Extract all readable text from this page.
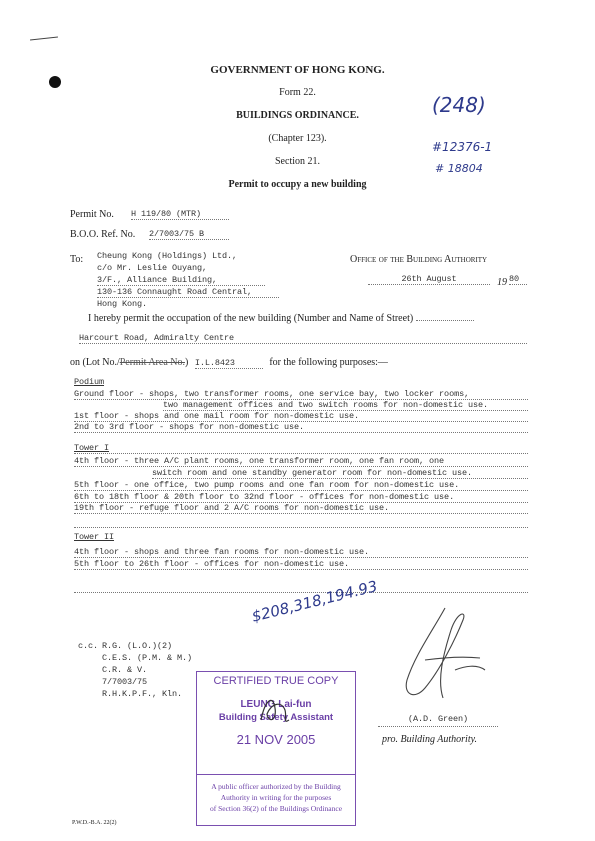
GOVERNMENT OF HONG KONG.
Form 22.
BUILDINGS ORDINANCE.
(Chapter 123).
Section 21.
Permit to occupy a new building
(248)
#12376-1
# 18804
Permit No. H 119/80 (MTR)
B.O.O. Ref. No. 2/7003/75 B
To: Cheung Kong (Holdings) Ltd.,
c/o Mr. Leslie Ouyang,
3/F., Alliance Building,
130-136 Connaught Road Central,
Hong Kong.
Office of the Building Authority
26th August	19 80
I hereby permit the occupation of the new building (Number and Name of Street)
Harcourt Road, Admiralty Centre
on (Lot No./Permit Area No.) I.L.8423	for the following purposes:—
Podium
Ground floor - shops, two transformer rooms, one service bay, two locker rooms,
two management offices and two switch rooms for non-domestic use.
1st floor - shops and one mail room for non-domestic use.
2nd to 3rd floor - shops for non-domestic use.
Tower I
4th floor - three A/C plant rooms, one transformer room, one fan room, one
switch room and one standby generator room for non-domestic use.
5th floor - one office, two pump rooms and one fan room for non-domestic use.
6th to 18th floor & 20th floor to 32nd floor - offices for non-domestic use.
19th floor - refuge floor and 2 A/C rooms for non-domestic use.
Tower II
4th floor - shops and three fan rooms for non-domestic use.
5th floor to 26th floor - offices for non-domestic use.
$208,318,194.93
c.c. R.G. (L.O.)(2)
C.E.S. (P.M. & M.)
C.R. & V.
7/7003/75
R.H.K.P.F., Kln.
CERTIFIED TRUE COPY
LEUNG Lai-fun
Building Safety Assistant
21 NOV 2005
A public officer authorized by the Building
Authority in writing for the purposes
of Section 36(2) of the Buildings Ordinance
(A.D. Green)
pro. Building Authority.
P.W.D.-B.A. 22(2)
